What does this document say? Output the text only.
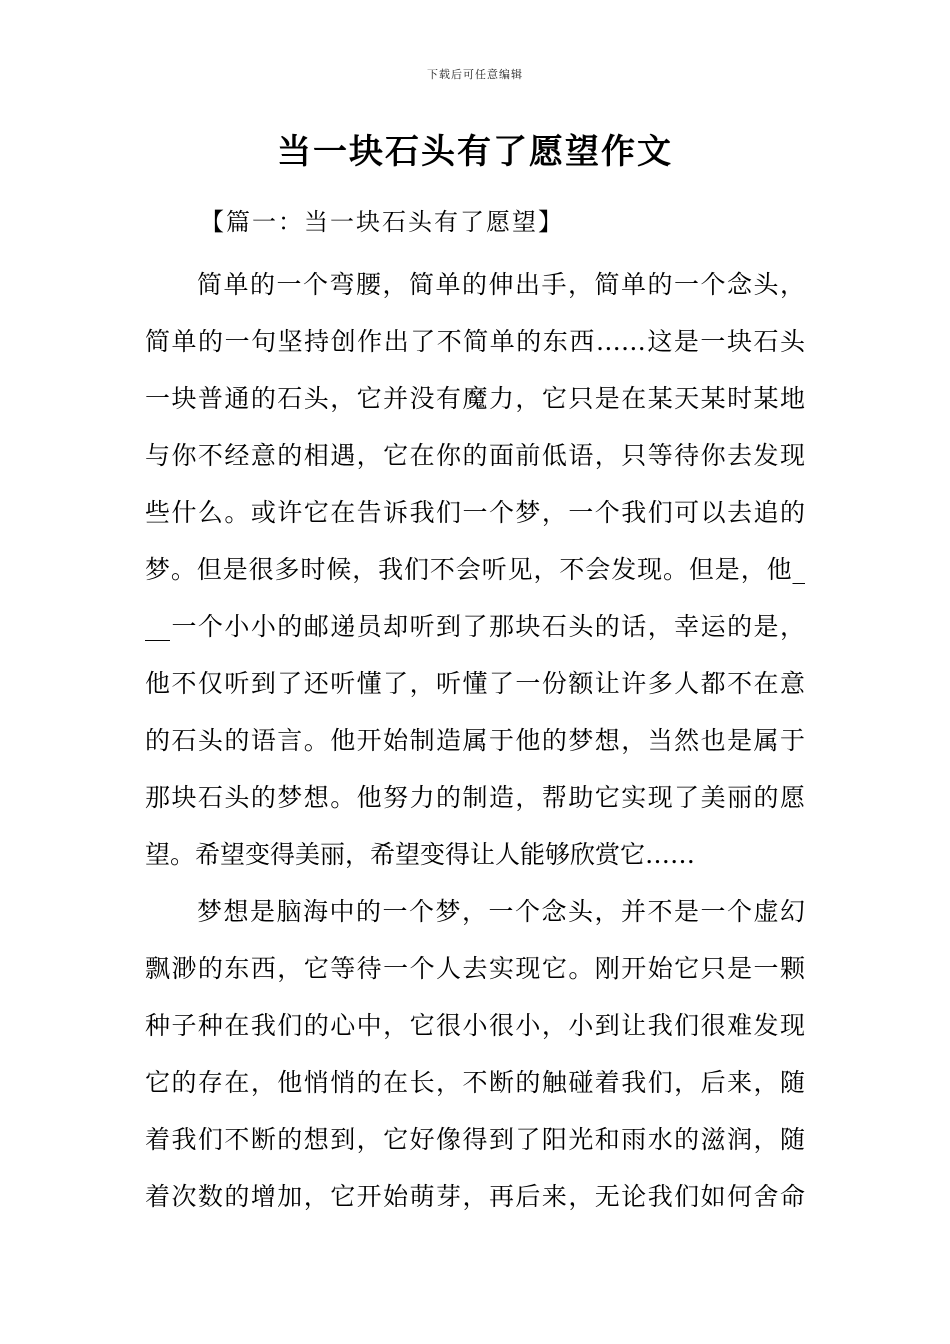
下载后可任意编辑
当一块石头有了愿望作文
【篇一：当一块石头有了愿望】
简单的一个弯腰，简单的伸出手，简单的一个念头，
简单的一句坚持创作出了不简单的东西……这是一块石头
一块普通的石头，它并没有魔力，它只是在某天某时某地
与你不经意的相遇，它在你的面前低语，只等待你去发现
些什么。或许它在告诉我们一个梦，一个我们可以去追的
梦。但是很多时候，我们不会听见，不会发现。但是，他_
__一个小小的邮递员却听到了那块石头的话，幸运的是，
他不仅听到了还听懂了，听懂了一份额让许多人都不在意
的石头的语言。他开始制造属于他的梦想，当然也是属于
那块石头的梦想。他努力的制造，帮助它实现了美丽的愿
望。希望变得美丽，希望变得让人能够欣赏它……
梦想是脑海中的一个梦，一个念头，并不是一个虚幻
飘渺的东西，它等待一个人去实现它。刚开始它只是一颗
种子种在我们的心中，它很小很小，小到让我们很难发现
它的存在，他悄悄的在长，不断的触碰着我们，后来，随
着我们不断的想到，它好像得到了阳光和雨水的滋润，随
着次数的增加，它开始萌芽，再后来，无论我们如何舍命
